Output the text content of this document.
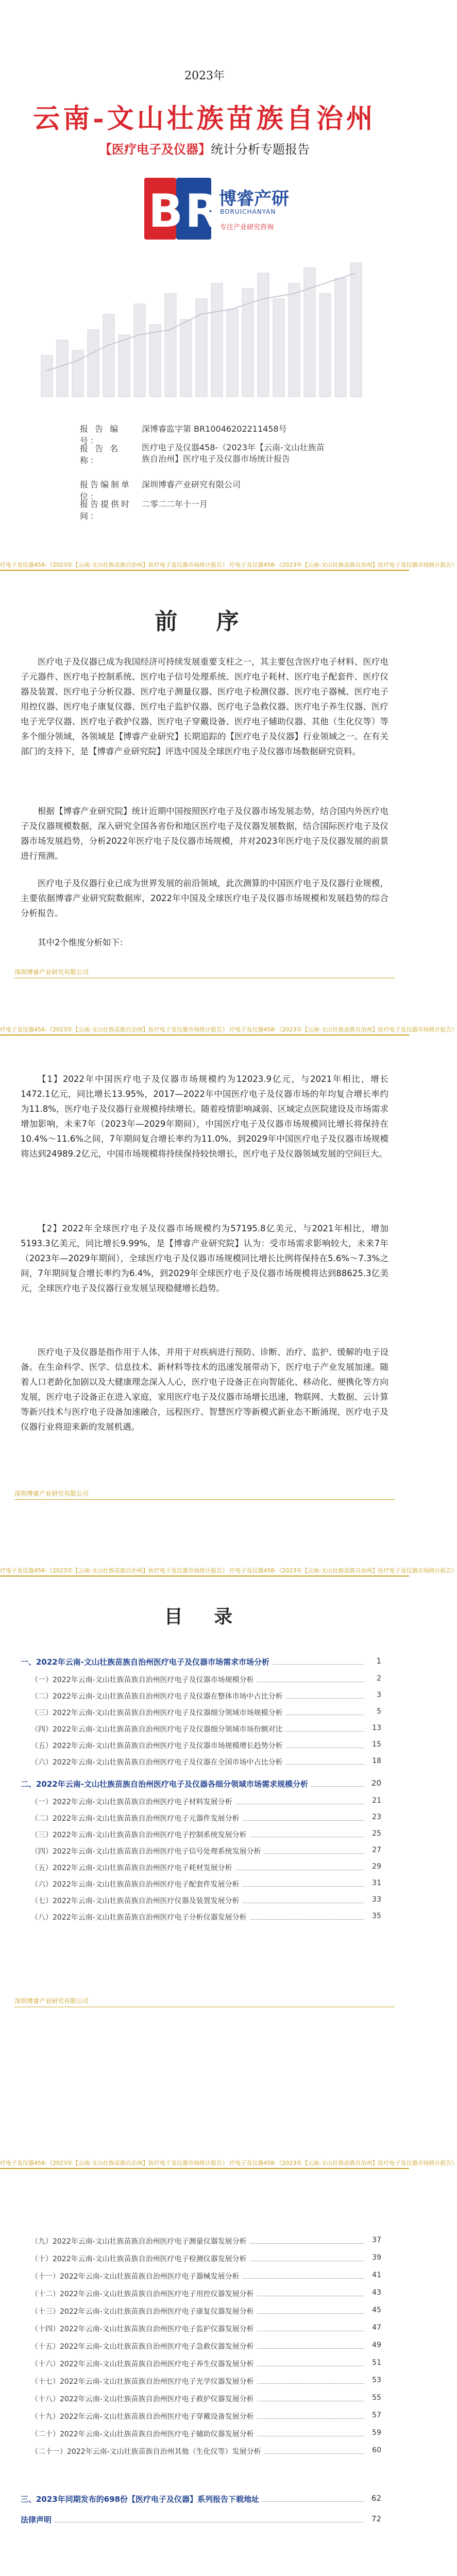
2023年
云南-文山壮族苗族自治州
【医疗电子及仪器】统计分析专题报告
BR
博睿产研
BORUICHANYAN
专注产业研究咨询
报 告 编 号：深博睿监字第 BR10046202211458号
报 告 名 称：医疗电子及仪器458-《2023年【云南-文山壮族苗族自治州】医疗电子及仪器市场统计报告
报告编制单位：深圳博睿产业研究有限公司
报告提供时间：二零二二年十一月
疗电子及仪器458-《2023年【云南-文山壮族苗族自治州】医疗电子及仪器市场统计报告》 疗电子及仪器458-《2023年【云南-文山壮族苗族自治州】医疗电子及仪器市场统计报告》
前 序
医疗电子及仪器已成为我国经济可持续发展重要支柱之一，其主要包含医疗电子材料、医疗电子元器件、医疗电子控制系统、医疗电子信号处理系统、医疗电子耗材、医疗电子配套件、医疗仪器及装置、医疗电子分析仪器、医疗电子测量仪器、医疗电子检测仪器、医疗电子器械、医疗电子用控仪器、医疗电子康复仪器、医疗电子监护仪器、医疗电子急救仪器、医疗电子养生仪器、医疗电子光学仪器、医疗电子救护仪器、医疗电子穿戴设备、医疗电子辅助仪器、其他（生化仪等）等多个细分领域，各领域是【博睿产业研究】长期追踪的【医疗电子及仪器】行业领域之一。在有关部门的支持下，是【博睿产业研究院】评选中国及全球医疗电子及仪器市场数据研究资料。
根据【博睿产业研究院】统计近期中国按照医疗电子及仪器市场发展态势，结合国内外医疗电子及仪器规模数据，深入研究全国各省份和地区医疗电子及仪器发展数据，结合国际医疗电子及仪器市场发展趋势，分析2022年医疗电子及仪器市场规模，并对2023年医疗电子及仪器发展的前景进行预测。
医疗电子及仪器行业已成为世界发展的前沿领域，此次测算的中国医疗电子及仪器行业规模，主要依据博睿产业研究院数据库，2022年中国及全球医疗电子及仪器市场规模和发展趋势的综合分析报告。
其中2个维度分析如下：
深圳博睿产业研究有限公司
疗电子及仪器458-《2023年【云南-文山壮族苗族自治州】医疗电子及仪器市场统计报告》 疗电子及仪器458-《2023年【云南-文山壮族苗族自治州】医疗电子及仪器市场统计报告》
【1】2022年中国医疗电子及仪器市场规模约为12023.9亿元，与2021年相比，增长1472.1亿元，同比增长13.95%，2017—2022年中国医疗电子及仪器市场的年均复合增长率约为11.8%，医疗电子及仪器行业规模持续增长。随着疫情影响减弱、区域定点医院建设及市场需求增加影响，未来7年（2023年—2029年期间），中国医疗电子及仪器市场规模同比增长将保持在10.4%～11.6%之间，7年期间复合增长率约为11.0%，到2029年中国医疗电子及仪器市场规模将达到24989.2亿元，中国市场规模将持续保持较快增长，医疗电子及仪器领域发展的空间巨大。
【2】2022年全球医疗电子及仪器市场规模约为57195.8亿美元，与2021年相比，增加5193.3亿美元，同比增长9.99%，是【博睿产业研究院】认为：受市场需求影响较大，未来7年（2023年—2029年期间），全球医疗电子及仪器市场规模同比增长比例将保持在5.6%～7.3%之间，7年期间复合增长率约为6.4%，到2029年全球医疗电子及仪器市场规模将达到88625.3亿美元，全球医疗电子及仪器行业发展呈现稳健增长趋势。
医疗电子及仪器是指作用于人体，并用于对疾病进行预防、诊断、治疗、监护、缓解的电子设备。在生命科学、医学、信息技术、新材料等技术的迅速发展带动下，医疗电子产业发展加速。随着人口老龄化加剧以及大健康理念深入人心，医疗电子设备正在向智能化、移动化、便携化等方向发展，医疗电子设备正在进入家庭，家用医疗电子及仪器市场增长迅速，物联网、大数据、云计算等新兴技术与医疗电子设备加速融合，远程医疗、智慧医疗等新模式新业态不断涌现，医疗电子及仪器行业将迎来新的发展机遇。
深圳博睿产业研究有限公司
疗电子及仪器458-《2023年【云南-文山壮族苗族自治州】医疗电子及仪器市场统计报告》 疗电子及仪器458-《2023年【云南-文山壮族苗族自治州】医疗电子及仪器市场统计报告》
目 录
一、2022年云南-文山壮族苗族自治州医疗电子及仪器市场需求市场分析	1
（一）2022年云南-文山壮族苗族自治州医疗电子及仪器市场规模分析	2
（二）2022年云南-文山壮族苗族自治州医疗电子及仪器在整体市场中占比分析	3
（三）2022年云南-文山壮族苗族自治州医疗电子及仪器细分领域市场规模分析	5
（四）2022年云南-文山壮族苗族自治州医疗电子及仪器细分领域市场份额对比	13
（五）2022年云南-文山壮族苗族自治州医疗电子及仪器市场规模增长趋势分析	15
（六）2022年云南-文山壮族苗族自治州医疗电子及仪器在全国市场中占比分析	18
二、2022年云南-文山壮族苗族自治州医疗电子及仪器各细分领域市场需求规模分析	20
（一）2022年云南-文山壮族苗族自治州医疗电子材料发展分析	21
（二）2022年云南-文山壮族苗族自治州医疗电子元器件发展分析	23
（三）2022年云南-文山壮族苗族自治州医疗电子控制系统发展分析	25
（四）2022年云南-文山壮族苗族自治州医疗电子信号处理系统发展分析	27
（五）2022年云南-文山壮族苗族自治州医疗电子耗材发展分析	29
（六）2022年云南-文山壮族苗族自治州医疗电子配套件发展分析	31
（七）2022年云南-文山壮族苗族自治州医疗仪器及装置发展分析	33
（八）2022年云南-文山壮族苗族自治州医疗电子分析仪器发展分析	35
深圳博睿产业研究有限公司
疗电子及仪器458-《2023年【云南-文山壮族苗族自治州】医疗电子及仪器市场统计报告》 疗电子及仪器458-《2023年【云南-文山壮族苗族自治州】医疗电子及仪器市场统计报告》
（九）2022年云南-文山壮族苗族自治州医疗电子测量仪器发展分析	37
（十）2022年云南-文山壮族苗族自治州医疗电子检测仪器发展分析	39
（十一）2022年云南-文山壮族苗族自治州医疗电子器械发展分析	41
（十二）2022年云南-文山壮族苗族自治州医疗电子用控仪器发展分析	43
（十三）2022年云南-文山壮族苗族自治州医疗电子康复仪器发展分析	45
（十四）2022年云南-文山壮族苗族自治州医疗电子监护仪器发展分析	47
（十五）2022年云南-文山壮族苗族自治州医疗电子急救仪器发展分析	49
（十六）2022年云南-文山壮族苗族自治州医疗电子养生仪器发展分析	51
（十七）2022年云南-文山壮族苗族自治州医疗电子光学仪器发展分析	53
（十八）2022年云南-文山壮族苗族自治州医疗电子救护仪器发展分析	55
（十九）2022年云南-文山壮族苗族自治州医疗电子穿戴设备发展分析	57
（二十）2022年云南-文山壮族苗族自治州医疗电子辅助仪器发展分析	59
（二十一）2022年云南-文山壮族苗族自治州其他（生化仪等）发展分析	60
三、2023年同期发布的698份【医疗电子及仪器】系列报告下载地址	62
法律声明	72
